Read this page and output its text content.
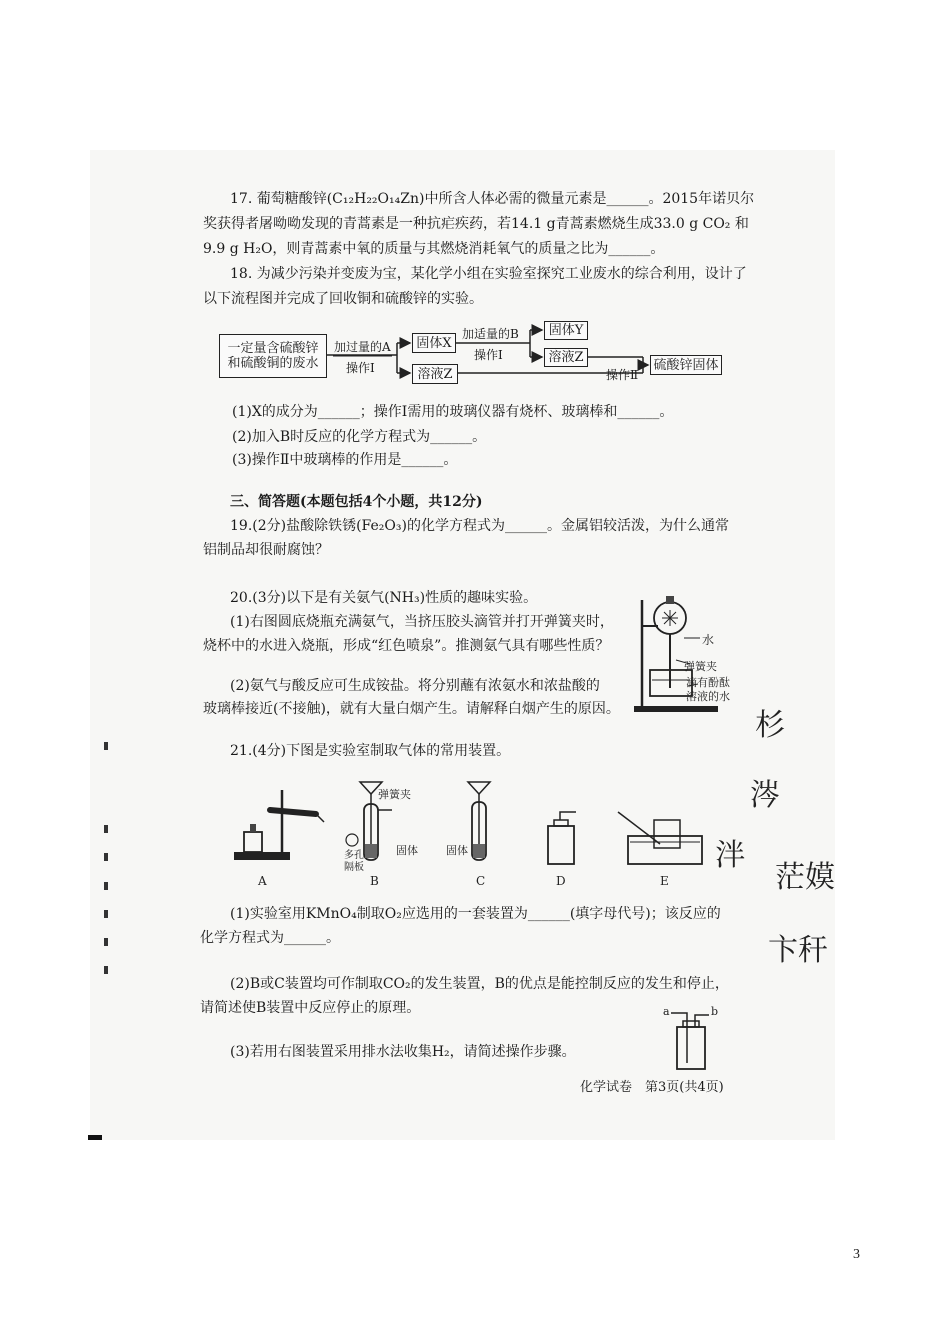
17. 葡萄糖酸锌(C₁₂H₂₂O₁₄Zn)中所含人体必需的微量元素是______。2015年诺贝尔
奖获得者屠呦呦发现的青蒿素是一种抗疟疾药，若14.1 g青蒿素燃烧生成33.0 g CO₂ 和
9.9 g H₂O，则青蒿素中氧的质量与其燃烧消耗氧气的质量之比为______。
18. 为减少污染并变废为宝，某化学小组在实验室探究工业废水的综合利用，设计了
以下流程图并完成了回收铜和硫酸锌的实验。
一定量含硫酸锌
和硫酸铜的废水
加过量的A
操作Ⅰ
固体X
溶液Z
加适量的B
操作Ⅰ
固体Y
溶液Z
操作Ⅱ
硫酸锌固体
(1)X的成分为______；操作Ⅰ需用的玻璃仪器有烧杯、玻璃棒和______。
(2)加入B时反应的化学方程式为______。
(3)操作Ⅱ中玻璃棒的作用是______。
三、简答题(本题包括4个小题，共12分)
19.(2分)盐酸除铁锈(Fe₂O₃)的化学方程式为______。金属铝较活泼，为什么通常
铝制品却很耐腐蚀？
20.(3分)以下是有关氨气(NH₃)性质的趣味实验。
(1)右图圆底烧瓶充满氨气，当挤压胶头滴管并打开弹簧夹时，
烧杯中的水进入烧瓶，形成“红色喷泉”。推测氨气具有哪些性质？
(2)氨气与酸反应可生成铵盐。将分别蘸有浓氨水和浓盐酸的
玻璃棒接近(不接触)，就有大量白烟产生。请解释白烟产生的原因。
水
弹簧夹
滴有酚酞
溶液的水
21.(4分)下图是实验室制取气体的常用装置。
A
弹簧夹
多孔
隔板
固体
B
固体
C	D	E
(1)实验室用KMnO₄制取O₂应选用的一套装置为______(填字母代号)；该反应的
化学方程式为______。
(2)B或C装置均可作制取CO₂的发生装置，B的优点是能控制反应的发生和停止，
请简述使B装置中反应停止的原理。
(3)若用右图装置采用排水法收集H₂，请简述操作步骤。
a	b
化学试卷　第3页(共4页)
杉
涔
泮
茫嫫
卞秆
3
